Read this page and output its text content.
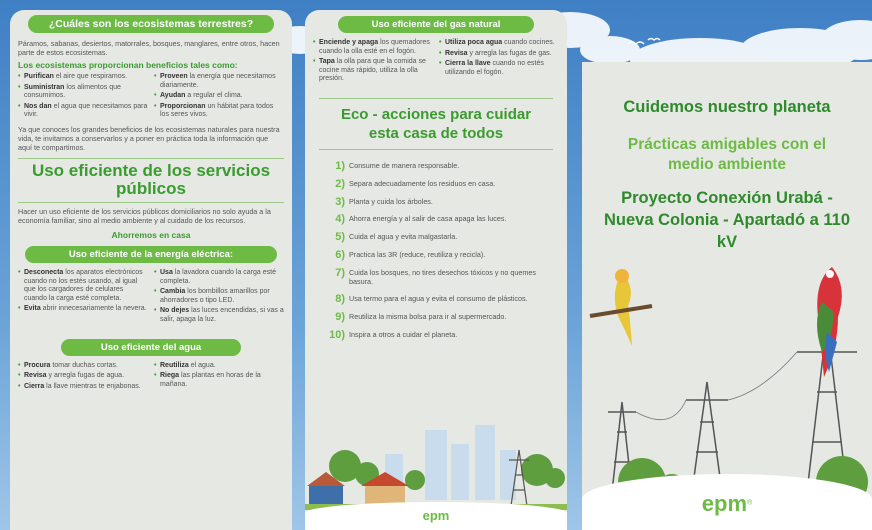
¿Cuáles son los ecosistemas terrestres?

Páramos, sabanas, desiertos, matorrales, bosques, manglares, entre otros, hacen parte de estos ecosistemas.

Los ecosistemas proporcionan beneficios tales como:

• Purifican el aire que respiramos.
• Suministran los alimentos que consumimos.
• Nos dan el agua que necesitamos para vivir.
• Proveen la energía que necesitamos diariamente.
• Ayudan a regular el clima.
• Proporcionan un hábitat para todos los seres vivos.

Ya que conoces los grandes beneficios de los ecosistemas naturales para nuestra vida, te invitamos a conservarlos y a poner en práctica toda la información que aquí te compartimos.

Uso eficiente de los servicios públicos

Hacer un uso eficiente de los servicios públicos domiciliarios no solo ayuda a la economía familiar, sino al medio ambiente y al cuidado de los recursos.

Ahorremos en casa

Uso eficiente de la energía eléctrica:
• Desconecta los aparatos electrónicos cuando no los estés usando, al igual que los cargadores de celulares cuando la carga esté completa.
• Evita abrir innecesariamente la nevera.
• Usa la lavadora cuando la carga esté completa.
• Cambia los bombillos amarillos por ahorradores o tipo LED.
• No dejes las luces encendidas, si vas a salir, apaga la luz.
Uso eficiente del agua
• Procura tomar duchas cortas.
• Revisa y arregla fugas de agua.
• Cierra la llave mientras te enjabonas.
• Reutiliza el agua.
• Riega las plantas en horas de la mañana.
Uso eficiente del gas natural
• Enciende y apaga los quemadores cuando la olla esté en el fogón.
• Tapa la olla para que la comida se cocine más rápido, utiliza la olla presión.
• Utiliza poca agua cuando cocines.
• Revisa y arregla las fugas de gas.
• Cierra la llave cuando no estés utilizando el fogón.

Eco - acciones para cuidar esta casa de todos

1) Consume de manera responsable.
2) Separa adecuadamente los residuos en casa.
3) Planta y cuida los árboles.
4) Ahorra energía y al salir de casa apaga las luces.
5) Cuida el agua y evita malgastarla.
6) Practica las 3R (reduce, reutiliza y recicla).
7) Cuida los bosques, no tires desechos tóxicos y no quemes basura.
8) Usa termo para el agua y evita el consumo de plásticos.
9) Reutiliza la misma bolsa para ir al supermercado.
10) Inspira a otros a cuidar el planeta.
epm

Cuidemos nuestro planeta

Prácticas amigables con el medio ambiente

Proyecto Conexión Urabá - Nueva Colonia - Apartadó a 110 kV

epm®
